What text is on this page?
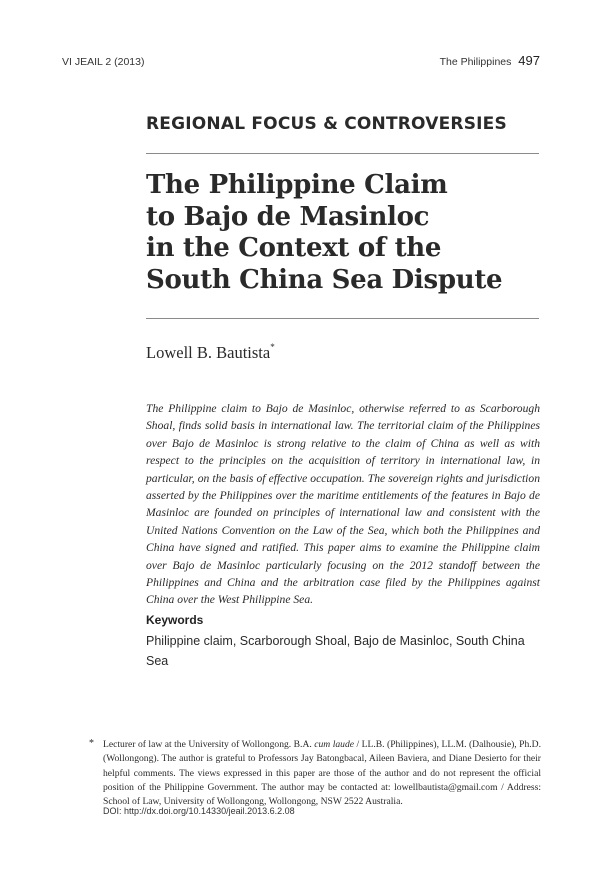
VI JEAIL 2 (2013)	The Philippines 497
REGIONAL FOCUS & CONTROVERSIES
The Philippine Claim
to Bajo de Masinloc
in the Context of the
South China Sea Dispute
Lowell B. Bautista*

The Philippine claim to Bajo de Masinloc, otherwise referred to as Scarborough Shoal, finds solid basis in international law. The territorial claim of the Philippines over Bajo de Masinloc is strong relative to the claim of China as well as with respect to the principles on the acquisition of territory in international law, in particular, on the basis of effective occupation. The sovereign rights and jurisdiction asserted by the Philippines over the maritime entitlements of the features in Bajo de Masinloc are founded on principles of international law and consistent with the United Nations Convention on the Law of the Sea, which both the Philippines and China have signed and ratified. This paper aims to examine the Philippine claim over Bajo de Masinloc particularly focusing on the 2012 standoff between the Philippines and China and the arbitration case filed by the Philippines against China over the West Philippine Sea.

Keywords

Philippine claim, Scarborough Shoal, Bajo de Masinloc, South China Sea

* Lecturer of law at the University of Wollongong. B.A. cum laude / LL.B. (Philippines), LL.M. (Dalhousie), Ph.D. (Wollongong). The author is grateful to Professors Jay Batongbacal, Aileen Baviera, and Diane Desierto for their helpful comments. The views expressed in this paper are those of the author and do not represent the official position of the Philippine Government. The author may be contacted at: lowellbautista@gmail.com / Address: School of Law, University of Wollongong, Wollongong, NSW 2522 Australia.
DOI: http://dx.doi.org/10.14330/jeail.2013.6.2.08
